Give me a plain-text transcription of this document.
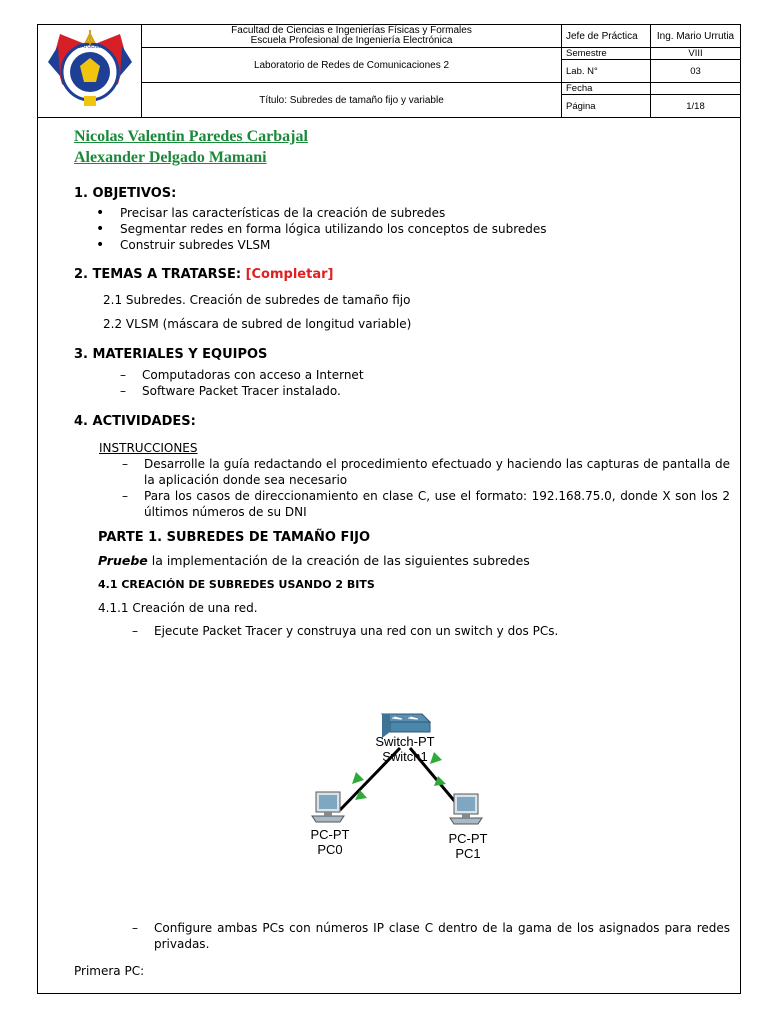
CATOLICA	Facultad de Ciencias e Ingenierías Físicas y Formales
Escuela Profesional de Ingeniería Electrónica	Jefe de Práctica	Ing. Mario Urrutia
	Laboratorio de Redes de Comunicaciones 2	Semestre	VIII
		Lab. N°	03
	Título: Subredes de tamaño fijo y variable	Fecha	
		Página	1/18
Nicolas Valentin Paredes Carbajal
Alexander Delgado Mamani

1. OBJETIVOS:

• Precisar las características de la creación de subredes
• Segmentar redes en forma lógica utilizando los conceptos de subredes
• Construir subredes VLSM

2. TEMAS A TRATARSE: [Completar]

2.1 Subredes. Creación de subredes de tamaño fijo
2.2 VLSM (máscara de subred de longitud variable)

3. MATERIALES Y EQUIPOS

– Computadoras con acceso a Internet
– Software Packet Tracer instalado.

4. ACTIVIDADES:

INSTRUCCIONES
– Desarrolle la guía redactando el procedimiento efectuado y haciendo las capturas de pantalla de la aplicación donde sea necesario
– Para los casos de direccionamiento en clase C, use el formato: 192.168.75.0, donde X son los 2 últimos números de su DNI

PARTE 1. SUBREDES DE TAMAÑO FIJO

Pruebe la implementación de la creación de las siguientes subredes
4.1 CREACIÓN DE SUBREDES USANDO 2 BITS
4.1.1 Creación de una red.
– Ejecute Packet Tracer y construya una red con un switch y dos PCs.
Switch-PT
Switch1
PC-PT
PC0
PC-PT
PC1
– Configure ambas PCs con números IP clase C dentro de la gama de los asignados para redes privadas.
Primera PC:
